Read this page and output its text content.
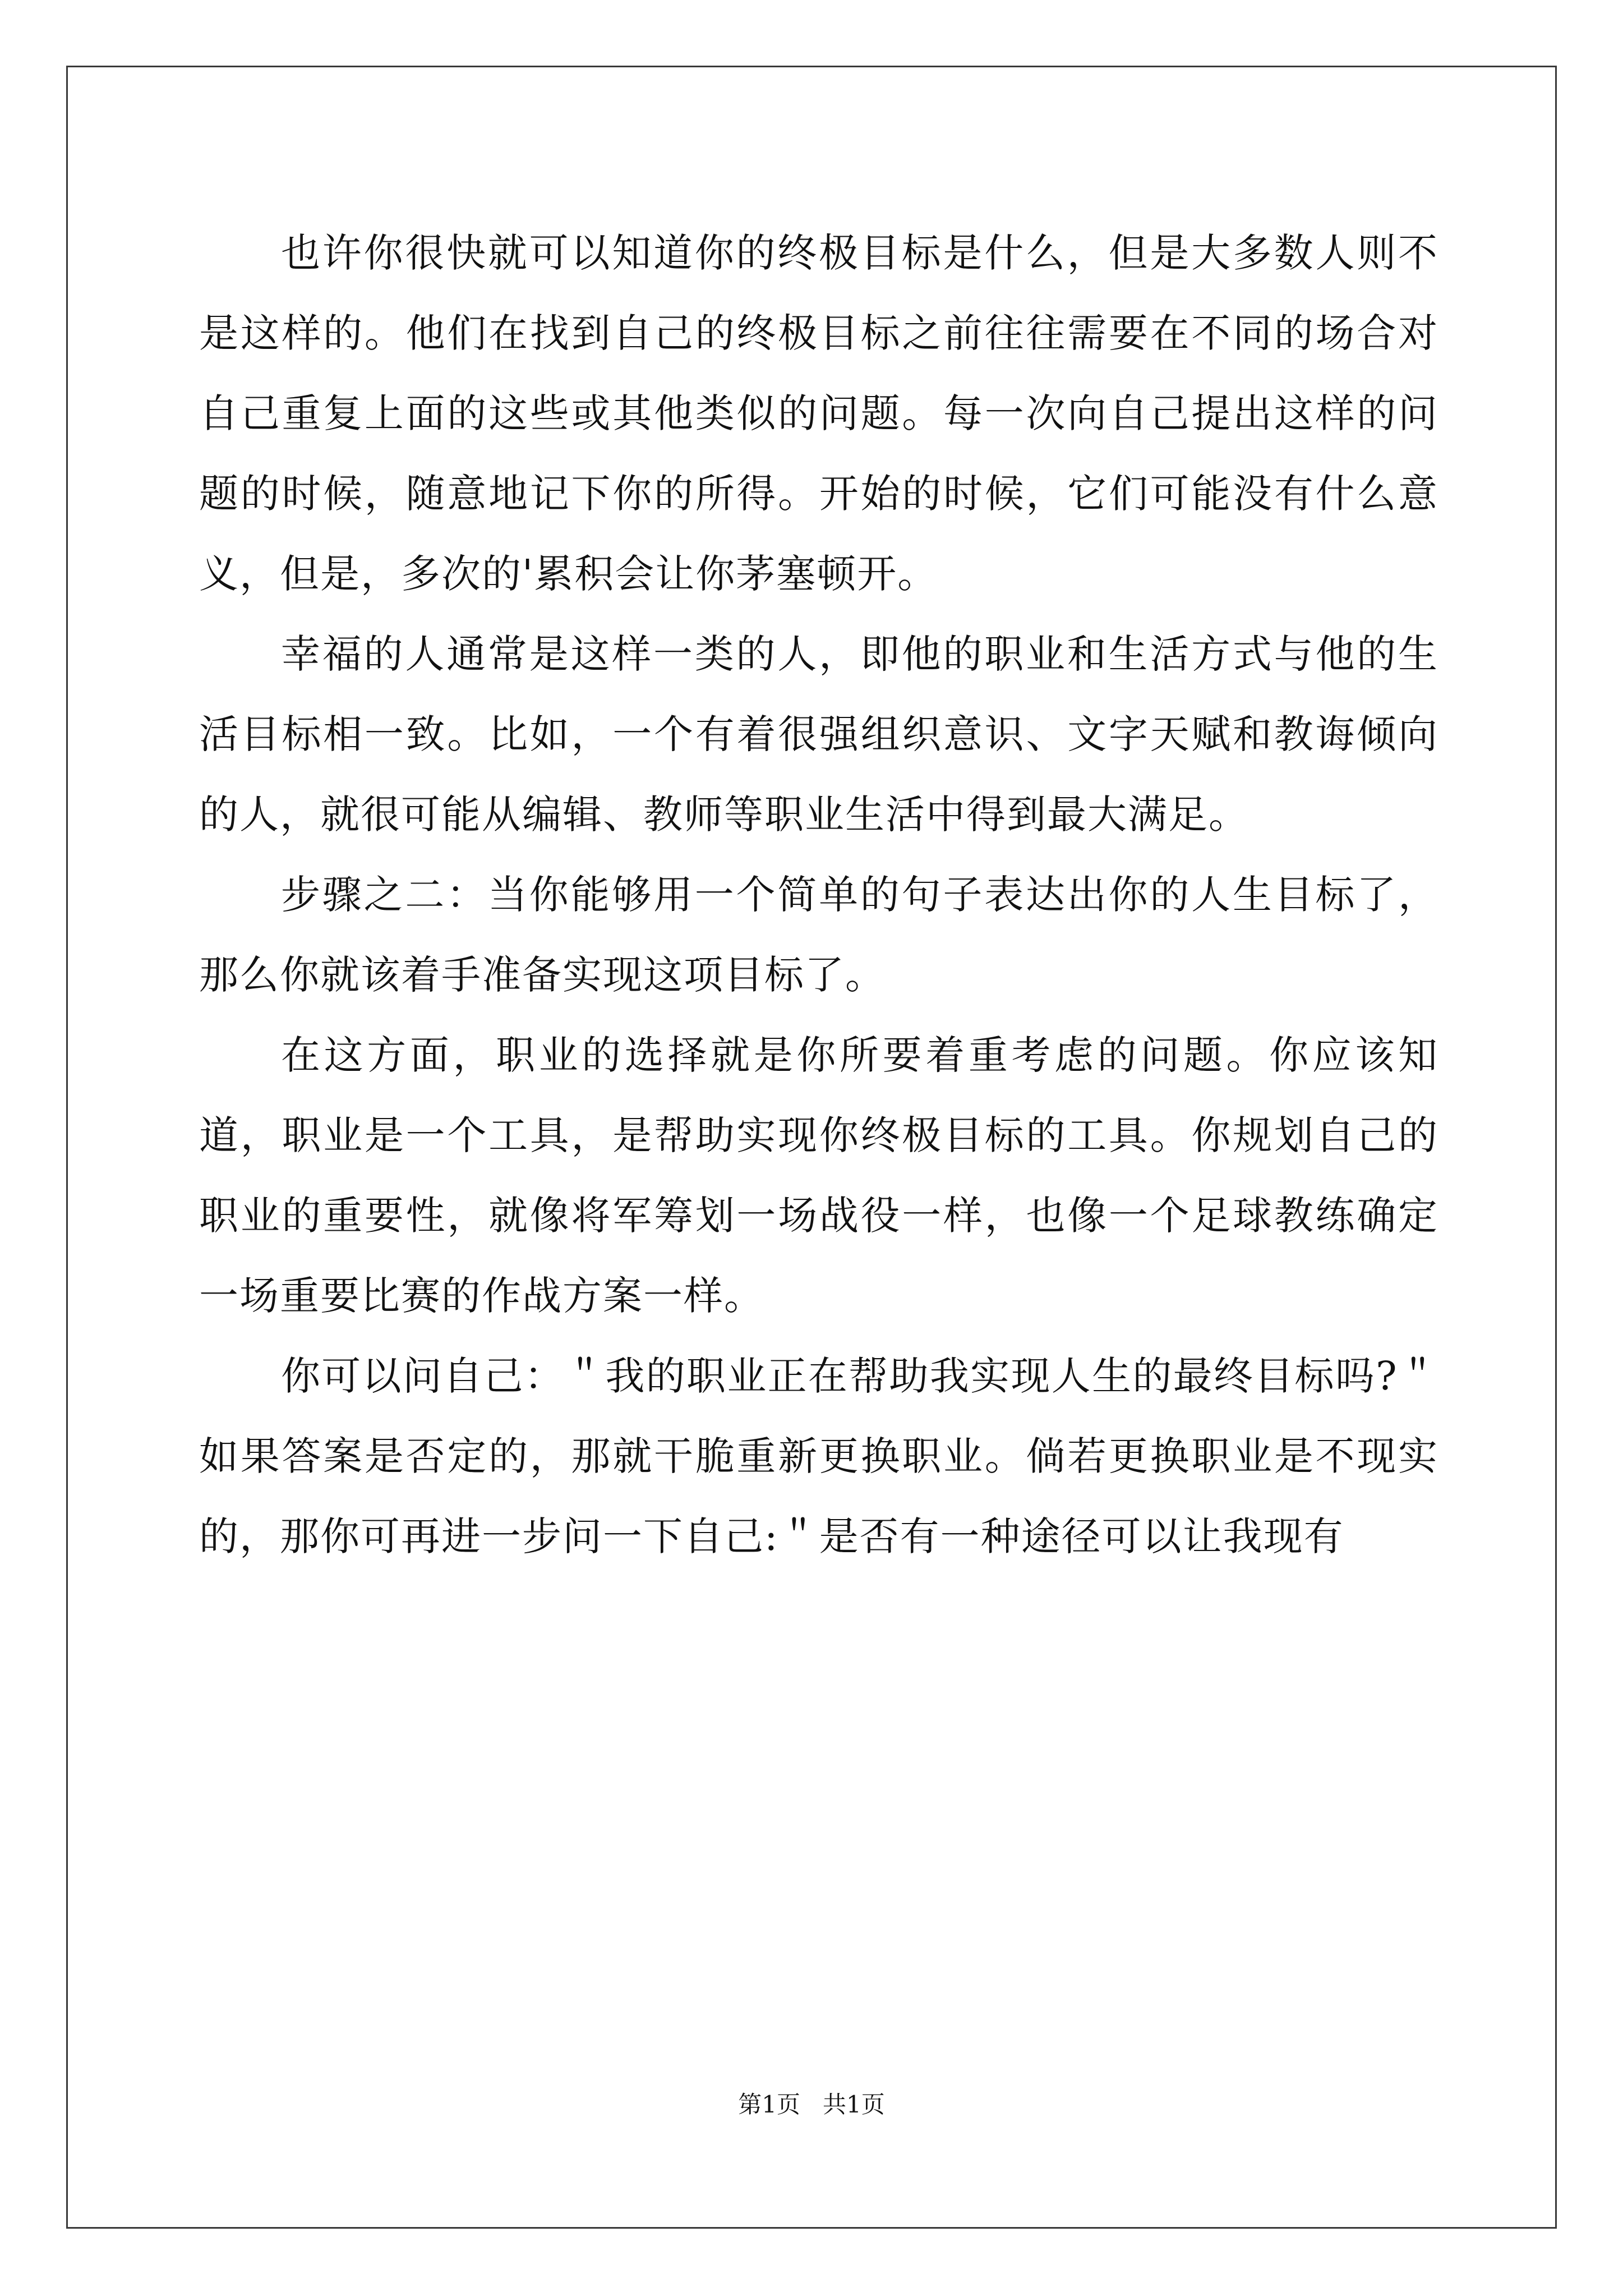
也许你很快就可以知道你的终极目标是什么，但是大多数人则不是这样的。他们在找到自己的终极目标之前往往需要在不同的场合对自己重复上面的这些或其他类似的问题。每一次向自己提出这样的问题的时候，随意地记下你的所得。开始的时候，它们可能没有什么意义，但是，多次的'累积会让你茅塞顿开。

幸福的人通常是这样一类的人，即他的职业和生活方式与他的生活目标相一致。比如，一个有着很强组织意识、文字天赋和教诲倾向的人，就很可能从编辑、教师等职业生活中得到最大满足。

步骤之二：当你能够用一个简单的句子表达出你的人生目标了，那么你就该着手准备实现这项目标了。

在这方面，职业的选择就是你所要着重考虑的问题。你应该知道，职业是一个工具，是帮助实现你终极目标的工具。你规划自己的职业的重要性，就像将军筹划一场战役一样，也像一个足球教练确定一场重要比赛的作战方案一样。

你可以问自己：＂我的职业正在帮助我实现人生的最终目标吗?＂如果答案是否定的，那就干脆重新更换职业。倘若更换职业是不现实的，那你可再进一步问一下自己:＂是否有一种途径可以让我现有

第1页   共1页
